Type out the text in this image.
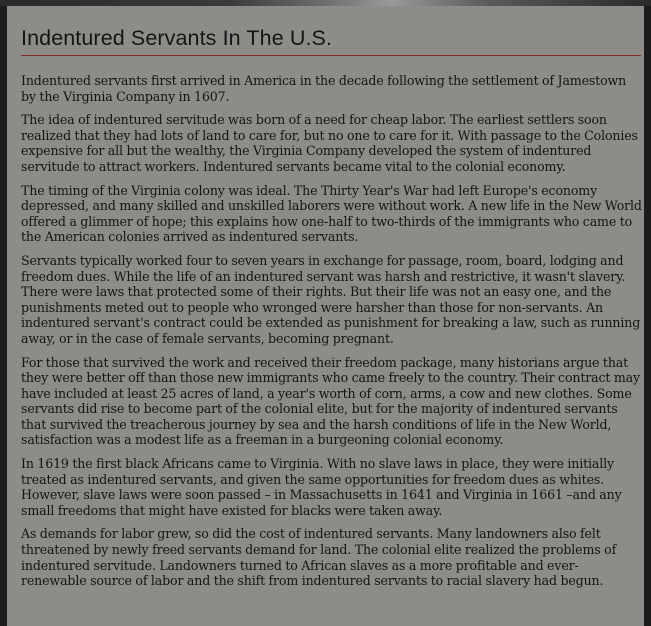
Indentured Servants In The U.S.

Indentured servants first arrived in America in the decade following the settlement of Jamestown by the Virginia Company in 1607.

The idea of indentured servitude was born of a need for cheap labor. The earliest settlers soon realized that they had lots of land to care for, but no one to care for it. With passage to the Colonies expensive for all but the wealthy, the Virginia Company developed the system of indentured servitude to attract workers. Indentured servants became vital to the colonial economy.

The timing of the Virginia colony was ideal. The Thirty Year's War had left Europe's economy depressed, and many skilled and unskilled laborers were without work. A new life in the New World offered a glimmer of hope; this explains how one-half to two-thirds of the immigrants who came to the American colonies arrived as indentured servants.

Servants typically worked four to seven years in exchange for passage, room, board, lodging and freedom dues. While the life of an indentured servant was harsh and restrictive, it wasn't slavery. There were laws that protected some of their rights. But their life was not an easy one, and the punishments meted out to people who wronged were harsher than those for non-servants. An indentured servant's contract could be extended as punishment for breaking a law, such as running away, or in the case of female servants, becoming pregnant.

For those that survived the work and received their freedom package, many historians argue that they were better off than those new immigrants who came freely to the country. Their contract may have included at least 25 acres of land, a year's worth of corn, arms, a cow and new clothes. Some servants did rise to become part of the colonial elite, but for the majority of indentured servants that survived the treacherous journey by sea and the harsh conditions of life in the New World, satisfaction was a modest life as a freeman in a burgeoning colonial economy.

In 1619 the first black Africans came to Virginia. With no slave laws in place, they were initially treated as indentured servants, and given the same opportunities for freedom dues as whites. However, slave laws were soon passed – in Massachusetts in 1641 and Virginia in 1661 –and any small freedoms that might have existed for blacks were taken away.

As demands for labor grew, so did the cost of indentured servants. Many landowners also felt threatened by newly freed servants demand for land. The colonial elite realized the problems of indentured servitude. Landowners turned to African slaves as a more profitable and ever-renewable source of labor and the shift from indentured servants to racial slavery had begun.
